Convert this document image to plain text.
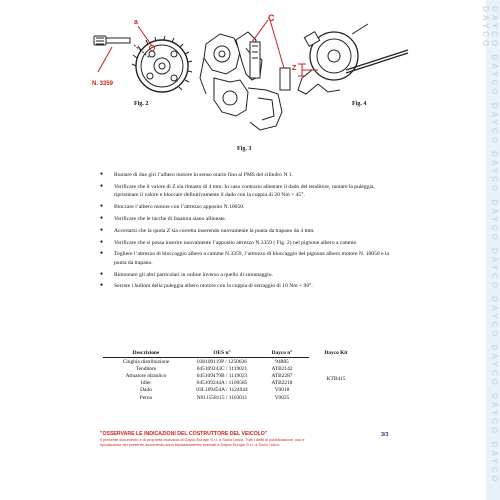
DAYCO DAYCO DAYCO DAYCO DAYCO DAYCO DAYCO DAYCO DAYCO DAYCO DAYCO
a
N. 3359
Fig. 2
C
Fig. 3
Z
Fig. 4
● Ruotare di due giri l’albero motore in senso orario fino al PMS del cilindro N 1.
● Verificare che il valore di Z sia rimasto di 4 mm. In caso contrario allentare il dado del tenditore, ruotare la puleggia, ripristinare il valore e bloccare definitivamente il dado con la coppia di 20 Nm + 45°.
● Bloccare l’albero motore con l’attrezzo apposito N.10050.
● Verificare che le tacche di fasatura siano allineate.
● Accertarsi che la quota Z sia corretta inserendo nuovamente la punta da trapano da 4 mm.
● Verificare che si possa inserire nuovamente l’apposito attrezzo N.3359 ( Fig. 2) nel pignone albero a camme.
● Togliere l’attrezzo di bloccaggio albero a camme N.3359, l’attrezzo di bloccaggio del pignone albero motore N. 10050 e la punta da trapano.
● Rimontare gli altri particolari in ordine inverso a quello di smontaggio.
● Serrare i bulloni della puleggia albero motore con la coppia di serraggio di 10 Nm + 90°.
Descrizione	OES n°	Dayco n°	Dayco Kit
Cinghia distribuzione	038109119P / 1250636	94885	KTB415
Tenditore	045109243C / 1119021	ATB2142	
Attuatore idraulico	045109479B / 1119023	ATB2287	
Idler	045109244A / 1100585	ATB2218	
Dado	03L109454A / 1124944	V0018	
Perno	N011558115 / 1103011	V0025	
"OSSERVARE LE INDICAZIONI DEL COSTRUTTORE DEL VEICOLO"
Il presente documento è di proprietà esclusiva di Dayco Europe S.r.l. a Socio Unico. Tutti i diritti di pubblicazione, uso e
riproduzione del presente documento sono esclusivamente riservati a Dayco Europe S.r.l. a Socio Unico.
3/3
